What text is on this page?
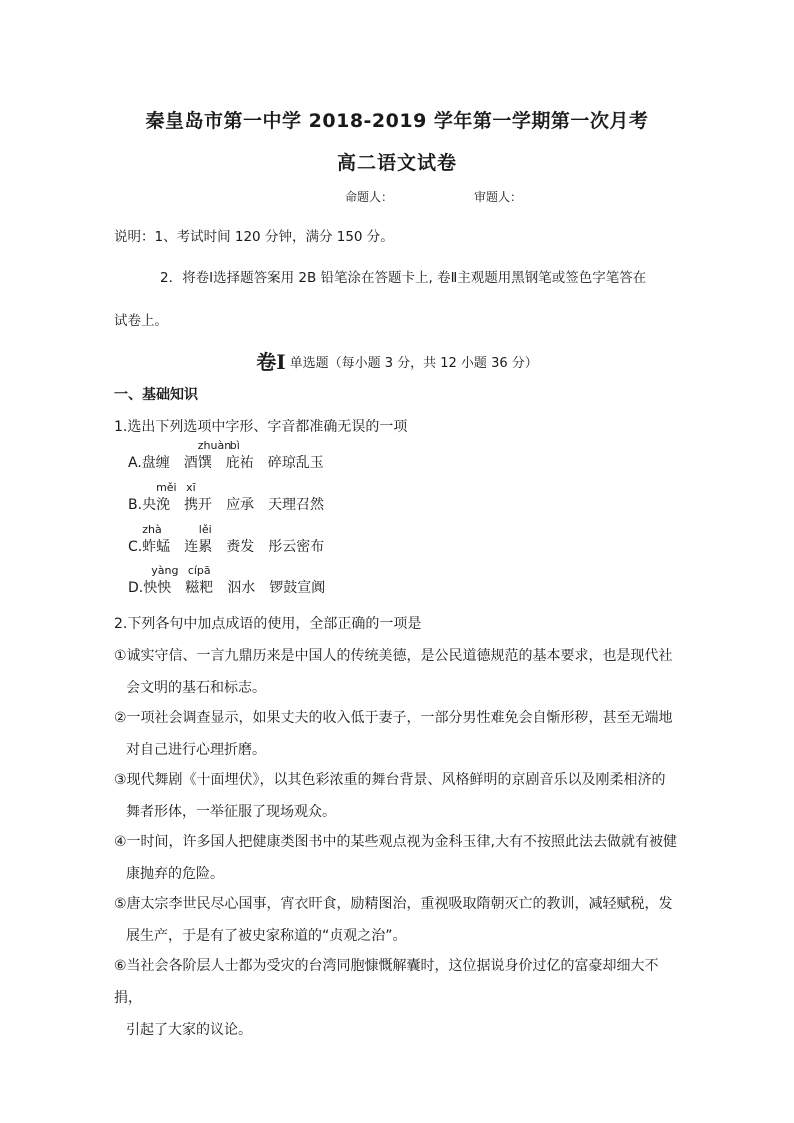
秦皇岛市第一中学 2018-2019 学年第一学期第一次月考
高二语文试卷
命题人：	审题人：
说明：1、考试时间 120 分钟，满分 150 分。
2．将卷Ⅰ选择题答案用 2B 铅笔涂在答题卡上, 卷Ⅱ主观题用黑钢笔或签色字笔答在
试卷上。
卷Ⅰ 单选题（每小题 3 分，共 12 小题 36 分）
一、基础知识
1.选出下列选项中字形、字音都准确无误的一项
A.盘缠 酒
zhuàn
馔
bì
庇祐 碎琼乱玉
B.央
měi
浼
xī
携开 应承 天理召然
C.
zhà
蚱蜢 连
lěi
累 赉发 彤云密布
D.
yàng
怏怏
cípā
糍粑 泅水 锣鼓宣阗
2.下列各句中加点成语的使用，全部正确的一项是
①诚实守信、一言九鼎历来是中国人的传统美德，是公民道德规范的基本要求，也是现代社
会文明的基石和标志。
②一项社会调查显示，如果丈夫的收入低于妻子，一部分男性难免会自惭形秽，甚至无端地
对自己进行心理折磨。
③现代舞剧《十面埋伏》，以其色彩浓重的舞台背景、风格鲜明的京剧音乐以及刚柔相济的
舞者形体，一举征服了现场观众。
④一时间，许多国人把健康类图书中的某些观点视为金科玉律,大有不按照此法去做就有被健
康抛弃的危险。
⑤唐太宗李世民尽心国事，宵衣旰食，励精图治，重视吸取隋朝灭亡的教训，减轻赋税，发
展生产，于是有了被史家称道的“贞观之治”。
⑥当社会各阶层人士都为受灾的台湾同胞慷慨解囊时，这位据说身价过亿的富豪却细大不捐，
引起了大家的议论。
